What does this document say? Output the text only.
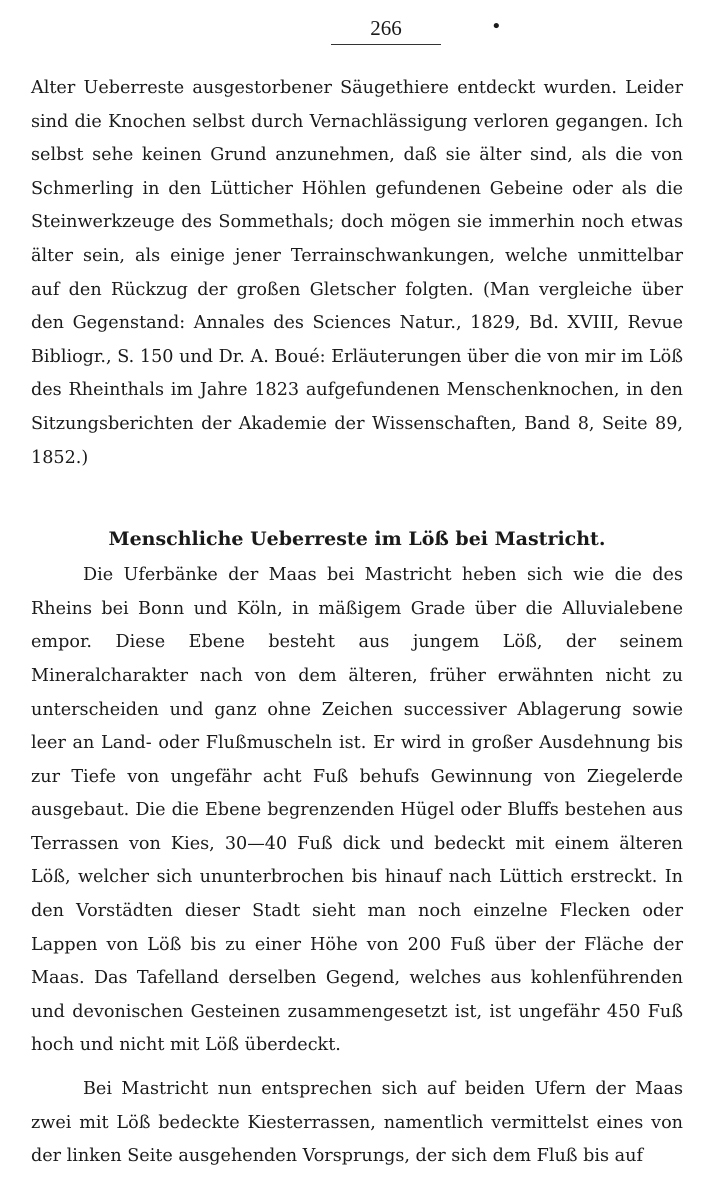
266	•

Alter Ueberreste ausgestorbener Säugethiere entdeckt wurden. Leider sind die Knochen selbst durch Vernachlässigung verloren gegangen. Ich selbst sehe keinen Grund anzunehmen, daß sie älter sind, als die von Schmerling in den Lütticher Höhlen gefundenen Gebeine oder als die Steinwerkzeuge des Sommethals; doch mögen sie immerhin noch etwas älter sein, als einige jener Terrainschwankungen, welche unmittelbar auf den Rückzug der großen Gletscher folgten. (Man vergleiche über den Gegenstand: Annales des Sciences Natur., 1829, Bd. XVIII, Revue Bibliogr., S. 150 und Dr. A. Boué: Erläuterungen über die von mir im Löß des Rheinthals im Jahre 1823 aufgefundenen Menschenknochen, in den Sitzungsberichten der Akademie der Wissenschaften, Band 8, Seite 89, 1852.)

Menschliche Ueberreste im Löß bei Mastricht.

Die Uferbänke der Maas bei Mastricht heben sich wie die des Rheins bei Bonn und Köln, in mäßigem Grade über die Alluvialebene empor. Diese Ebene besteht aus jungem Löß, der seinem Mineralcharakter nach von dem älteren, früher erwähnten nicht zu unterscheiden und ganz ohne Zeichen successiver Ablagerung sowie leer an Land- oder Flußmuscheln ist. Er wird in großer Ausdehnung bis zur Tiefe von ungefähr acht Fuß behufs Gewinnung von Ziegelerde ausgebaut. Die die Ebene begrenzenden Hügel oder Bluffs bestehen aus Terrassen von Kies, 30—40 Fuß dick und bedeckt mit einem älteren Löß, welcher sich ununterbrochen bis hinauf nach Lüttich erstreckt. In den Vorstädten dieser Stadt sieht man noch einzelne Flecken oder Lappen von Löß bis zu einer Höhe von 200 Fuß über der Fläche der Maas. Das Tafelland derselben Gegend, welches aus kohlenführenden und devonischen Gesteinen zusammengesetzt ist, ist ungefähr 450 Fuß hoch und nicht mit Löß überdeckt.

Bei Mastricht nun entsprechen sich auf beiden Ufern der Maas zwei mit Löß bedeckte Kiesterrassen, namentlich vermittelst eines von der linken Seite ausgehenden Vorsprungs, der sich dem Fluß bis auf
